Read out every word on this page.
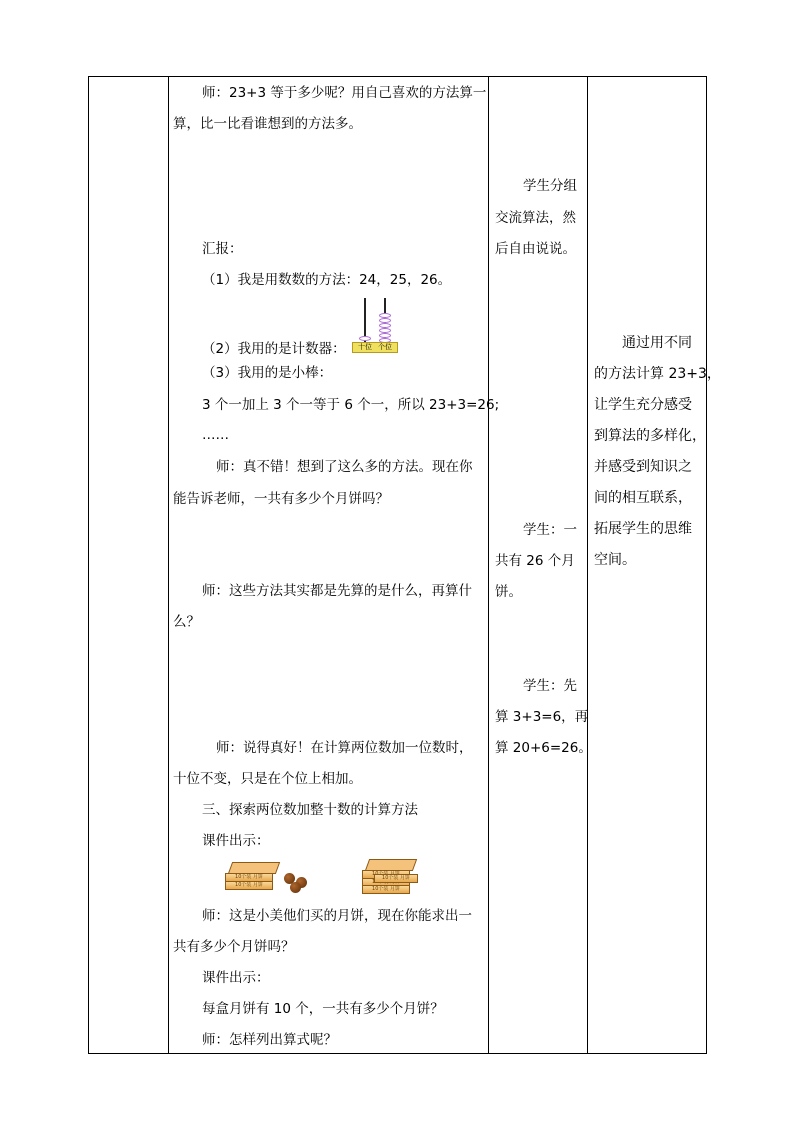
师：23+3 等于多少呢？用自己喜欢的方法算一
算，比一比看谁想到的方法多。
汇报：
（1）我是用数数的方法：24，25，26。
十位 个位
（2）我用的是计数器：
（3）我用的是小棒：
3 个一加上 3 个一等于 6 个一，所以 23+3=26;
……
师：真不错！想到了这么多的方法。现在你
能告诉老师，一共有多少个月饼吗？
师：这些方法其实都是先算的是什么，再算什
么？
师：说得真好！在计算两位数加一位数时，
十位不变，只是在个位上相加。
三、探索两位数加整十数的计算方法
课件出示：
10个装 月饼
10个装 月饼
10个装 月饼
10个装 月饼
师：这是小美他们买的月饼，现在你能求出一
共有多少个月饼吗？
课件出示：
每盒月饼有 10 个，一共有多少个月饼？
师：怎样列出算式呢？
学生分组
交流算法，然
后自由说说。
学生：一
共有 26 个月
饼。
学生：先
算 3+3=6，再
算 20+6=26。
通过用不同
的方法计算 23+3，
让学生充分感受
到算法的多样化，
并感受到知识之
间的相互联系，
拓展学生的思维
空间。
